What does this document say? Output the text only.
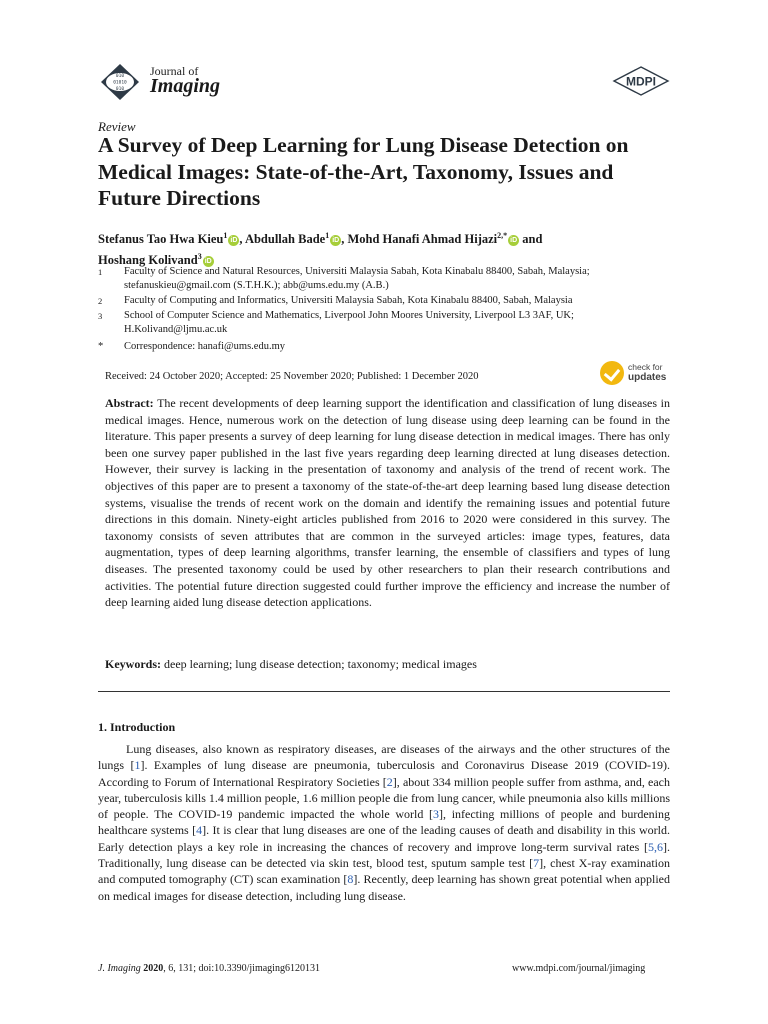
010
01010
010
Journal of
Imaging	MDPI
Review
A Survey of Deep Learning for Lung Disease Detection on Medical Images: State-of-the-Art, Taxonomy, Issues and Future Directions
Stefanus Tao Hwa Kieu$^1$iD , Abdullah Bade$^1$iD , Mohd Hanafi Ahmad Hijazi$^{2,*}$iD and
Hoshang Kolivand$^3$iD
1 Faculty of Science and Natural Resources, Universiti Malaysia Sabah, Kota Kinabalu 88400, Sabah, Malaysia;
stefanuskieu@gmail.com (S.T.H.K.); abb@ums.edu.my (A.B.)
2 Faculty of Computing and Informatics, Universiti Malaysia Sabah, Kota Kinabalu 88400, Sabah, Malaysia
3 School of Computer Science and Mathematics, Liverpool John Moores University, Liverpool L3 3AF, UK;
H.Kolivand@ljmu.ac.uk
* Correspondence: hanafi@ums.edu.my
Received: 24 October 2020; Accepted: 25 November 2020; Published: 1 December 2020
check for
updates

Abstract: The recent developments of deep learning support the identification and classification of lung diseases in medical images. Hence, numerous work on the detection of lung disease using deep learning can be found in the literature. This paper presents a survey of deep learning for lung disease detection in medical images. There has only been one survey paper published in the last five years regarding deep learning directed at lung diseases detection. However, their survey is lacking in the presentation of taxonomy and analysis of the trend of recent work. The objectives of this paper are to present a taxonomy of the state-of-the-art deep learning based lung disease detection systems, visualise the trends of recent work on the domain and identify the remaining issues and potential future directions in this domain. Ninety-eight articles published from 2016 to 2020 were considered in this survey. The taxonomy consists of seven attributes that are common in the surveyed articles: image types, features, data augmentation, types of deep learning algorithms, transfer learning, the ensemble of classifiers and types of lung diseases. The presented taxonomy could be used by other researchers to plan their research contributions and activities. The potential future direction suggested could further improve the efficiency and increase the number of deep learning aided lung disease detection applications.

Keywords: deep learning; lung disease detection; taxonomy; medical images
1. Introduction

Lung diseases, also known as respiratory diseases, are diseases of the airways and the other structures of the lungs [1]. Examples of lung disease are pneumonia, tuberculosis and Coronavirus Disease 2019 (COVID-19). According to Forum of International Respiratory Societies [2], about 334 million people suffer from asthma, and, each year, tuberculosis kills 1.4 million people, 1.6 million people die from lung cancer, while pneumonia also kills millions of people. The COVID-19 pandemic impacted the whole world [3], infecting millions of people and burdening healthcare systems [4]. It is clear that lung diseases are one of the leading causes of death and disability in this world. Early detection plays a key role in increasing the chances of recovery and improve long-term survival rates [5,6]. Traditionally, lung disease can be detected via skin test, blood test, sputum sample test [7], chest X-ray examination and computed tomography (CT) scan examination [8]. Recently, deep learning has shown great potential when applied on medical images for disease detection, including lung disease.

J. Imaging 2020, 6, 131; doi:10.3390/jimaging6120131	www.mdpi.com/journal/jimaging
